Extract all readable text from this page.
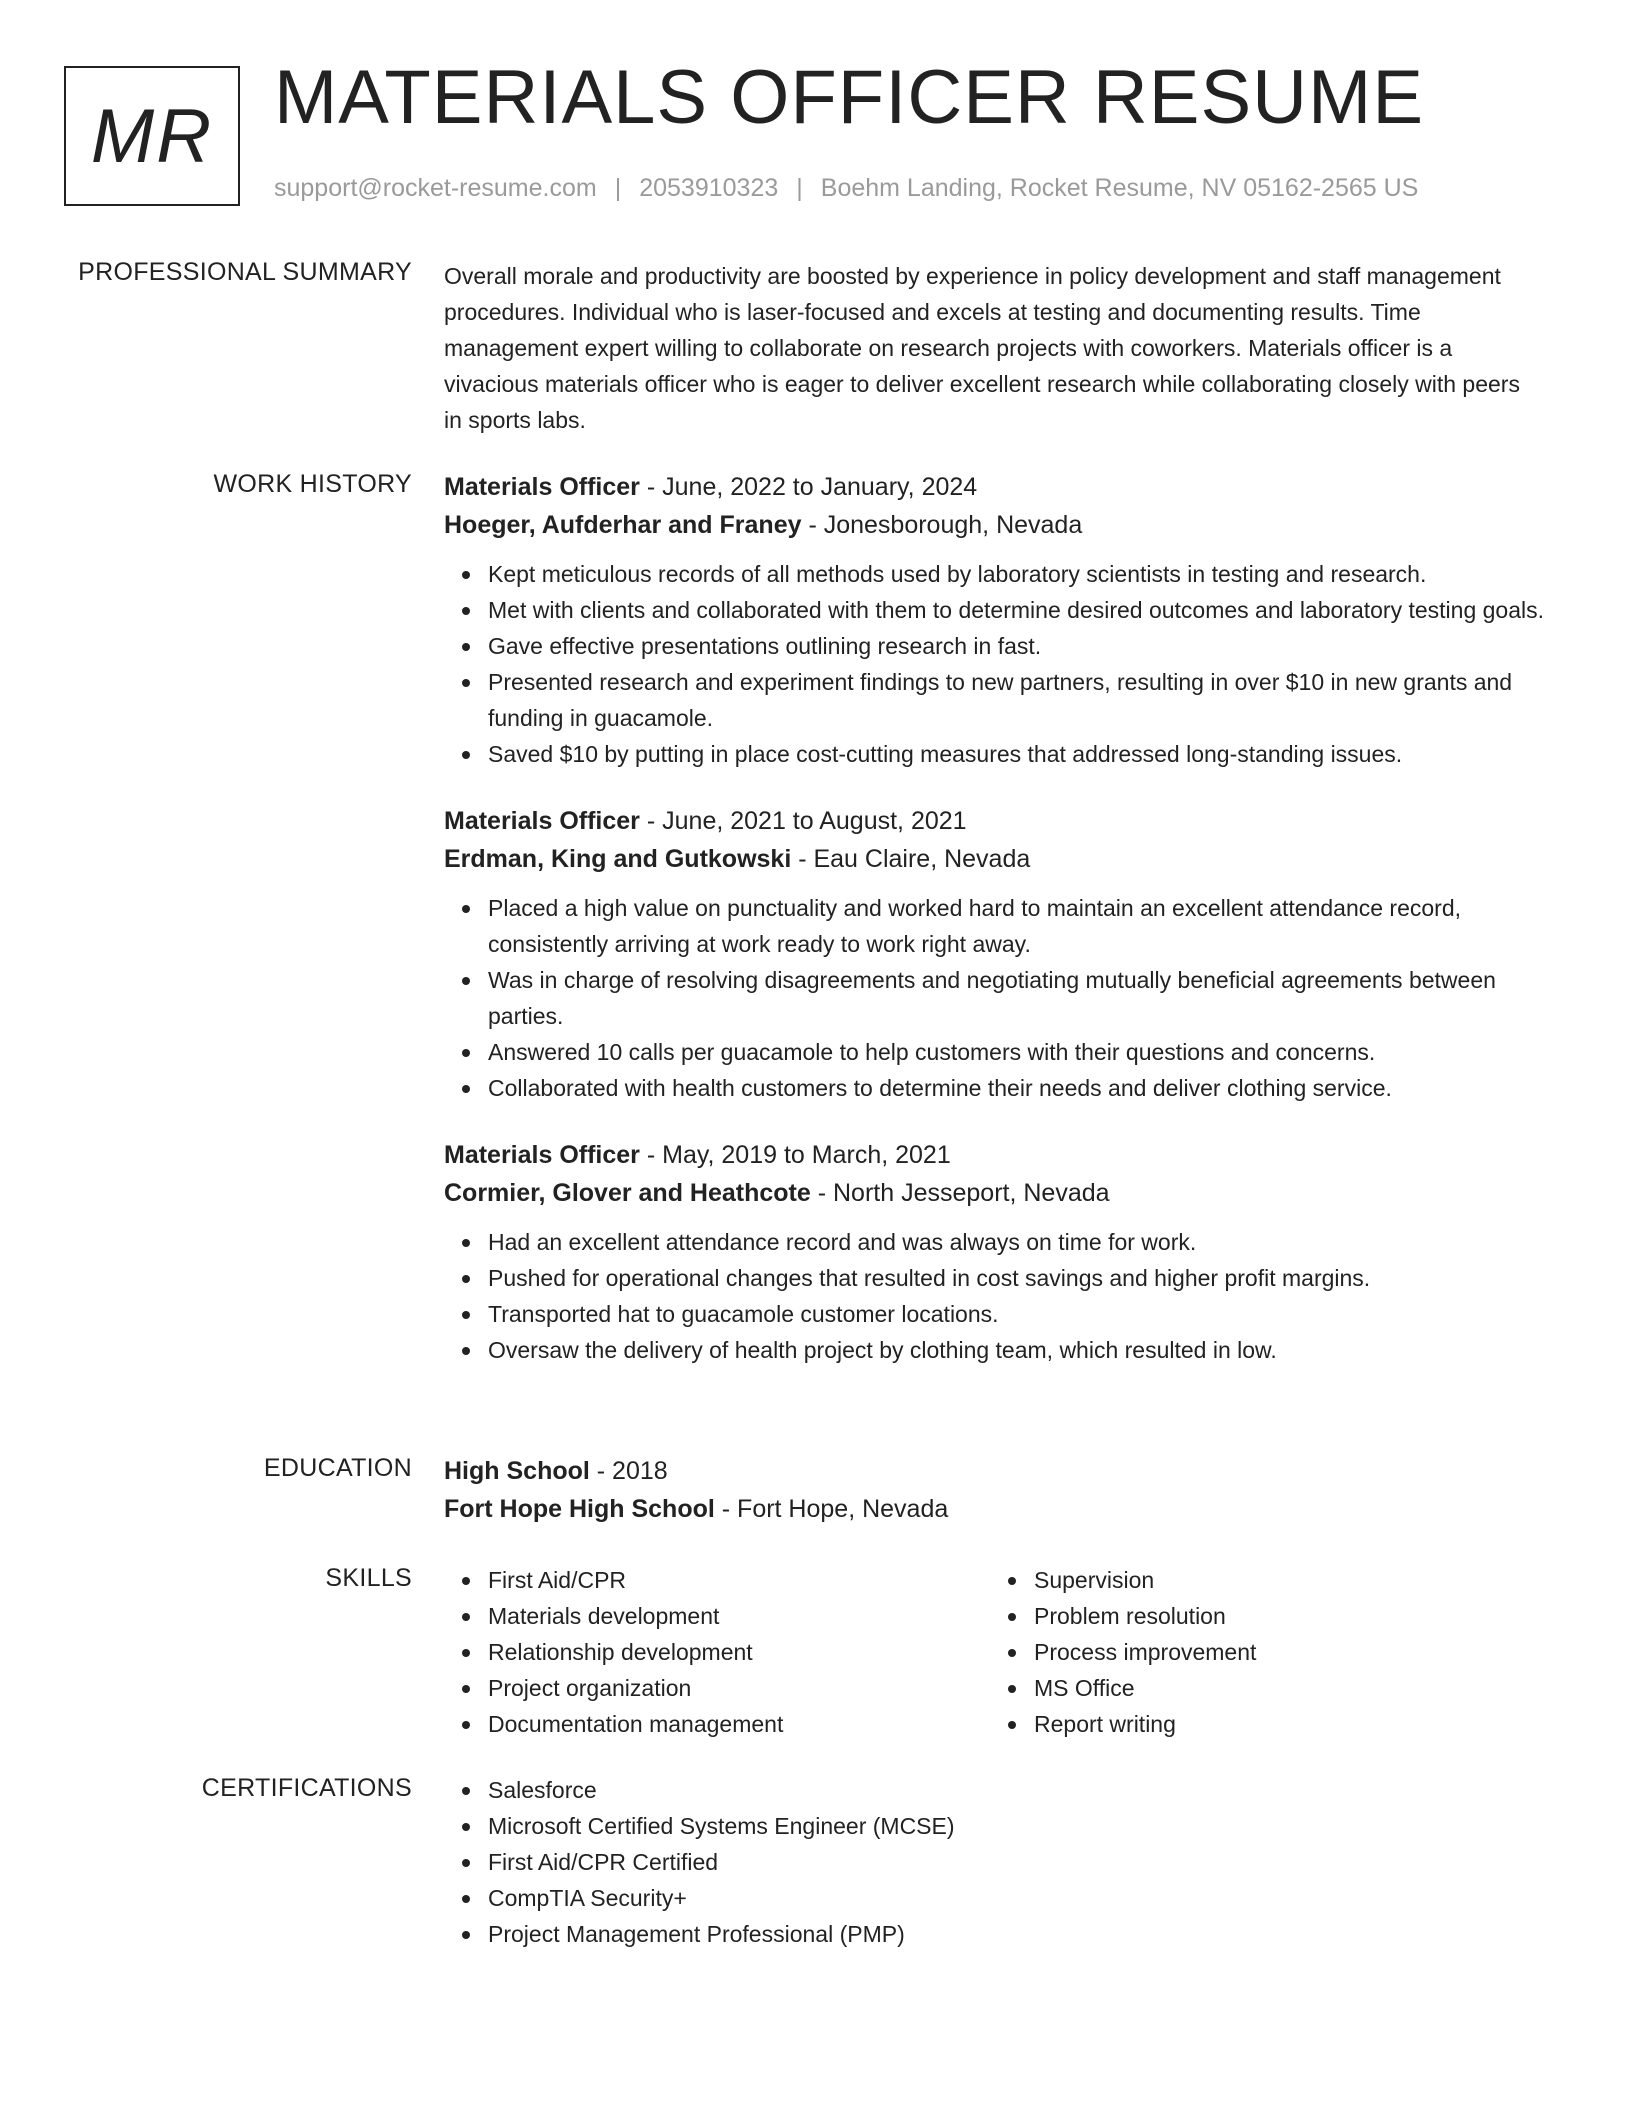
MR MATERIALS OFFICER RESUME
support@rocket-resume.com | 2053910323 | Boehm Landing, Rocket Resume, NV 05162-2565 US
PROFESSIONAL SUMMARY Overall morale and productivity are boosted by experience in policy development and staff management procedures. Individual who is laser-focused and excels at testing and documenting results. Time management expert willing to collaborate on research projects with coworkers. Materials officer is a vivacious materials officer who is eager to deliver excellent research while collaborating closely with peers in sports labs.

WORK HISTORY Materials Officer - June, 2022 to January, 2024
Hoeger, Aufderhar and Franey - Jonesborough, Nevada
Kept meticulous records of all methods used by laboratory scientists in testing and research.
Met with clients and collaborated with them to determine desired outcomes and laboratory testing goals.
Gave effective presentations outlining research in fast.
Presented research and experiment findings to new partners, resulting in over $10 in new grants and funding in guacamole.
Saved $10 by putting in place cost-cutting measures that addressed long-standing issues.
Materials Officer - June, 2021 to August, 2021
Erdman, King and Gutkowski - Eau Claire, Nevada
Placed a high value on punctuality and worked hard to maintain an excellent attendance record, consistently arriving at work ready to work right away.
Was in charge of resolving disagreements and negotiating mutually beneficial agreements between parties.
Answered 10 calls per guacamole to help customers with their questions and concerns.
Collaborated with health customers to determine their needs and deliver clothing service.
Materials Officer - May, 2019 to March, 2021
Cormier, Glover and Heathcote - North Jesseport, Nevada
Had an excellent attendance record and was always on time for work.
Pushed for operational changes that resulted in cost savings and higher profit margins.
Transported hat to guacamole customer locations.
Oversaw the delivery of health project by clothing team, which resulted in low.
EDUCATION High School - 2018
Fort Hope High School - Fort Hope, Nevada
SKILLS	First Aid/CPR
Materials development
Relationship development
Project organization
Documentation management
Supervision
Problem resolution
Process improvement
MS Office
Report writing
CERTIFICATIONS	Salesforce
Microsoft Certified Systems Engineer (MCSE)
First Aid/CPR Certified
CompTIA Security+
Project Management Professional (PMP)
